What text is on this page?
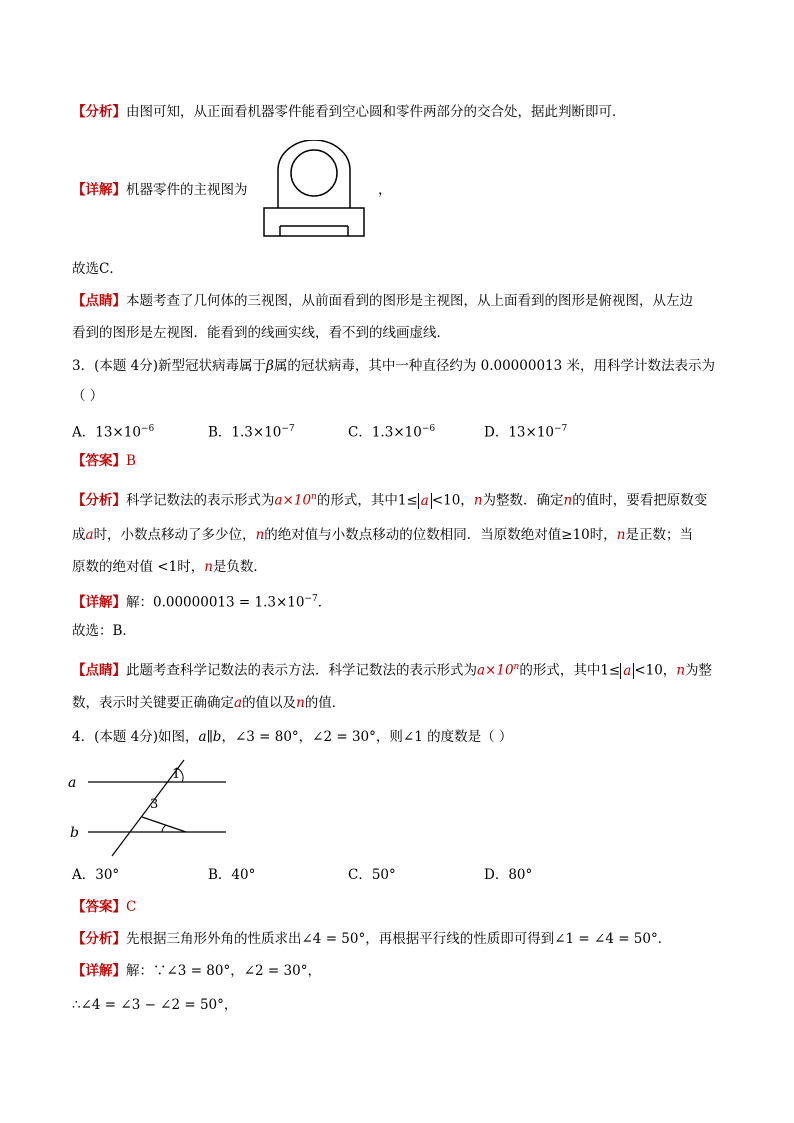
【分析】由图可知，从正面看机器零件能看到空心圆和零件两部分的交合处，据此判断即可．
【详解】机器零件的主视图为	，
故选C．
【点睛】本题考查了几何体的三视图，从前面看到的图形是主视图，从上面看到的图形是俯视图，从左边
看到的图形是左视图．能看到的线画实线，看不到的线画虚线．
3．(本题 4分)新型冠状病毒属于β属的冠状病毒，其中一种直径约为 0.00000013 米，用科学计数法表示为
（ ）
A．$13\times 10^{-6}$	B．$1.3\times 10^{-7}$	C．$1.3\times 10^{-6}$	D．$13\times 10^{-7}$
【答案】B
【分析】科学记数法的表示形式为$a\times 10^n$的形式，其中1≤ a <10，n为整数．确定n的值时，要看把原数变
成a时，小数点移动了多少位，n的绝对值与小数点移动的位数相同．当原数绝对值≥10时，n是正数；当
原数的绝对值 <1时，n是负数．
【详解】解：$0.00000013 = 1.3\times 10^{-7}$．
故选：B．
【点睛】此题考查科学记数法的表示方法．科学记数法的表示形式为$a\times 10^n$的形式，其中1≤ a <10，n为整
数，表示时关键要正确确定a的值以及n的值．
4．(本题 4分)如图，a∥b，∠3 = 80°，∠2 = 30°，则∠1 的度数是（ ）
a
b
1
3
A．30°	B．40°	C．50°	D．80°
【答案】C
【分析】先根据三角形外角的性质求出∠4 = 50°，再根据平行线的性质即可得到∠1 = ∠4 = 50°．
【详解】解：∵∠3 = 80°，∠2 = 30°，
∴∠4 = ∠3 − ∠2 = 50°，
